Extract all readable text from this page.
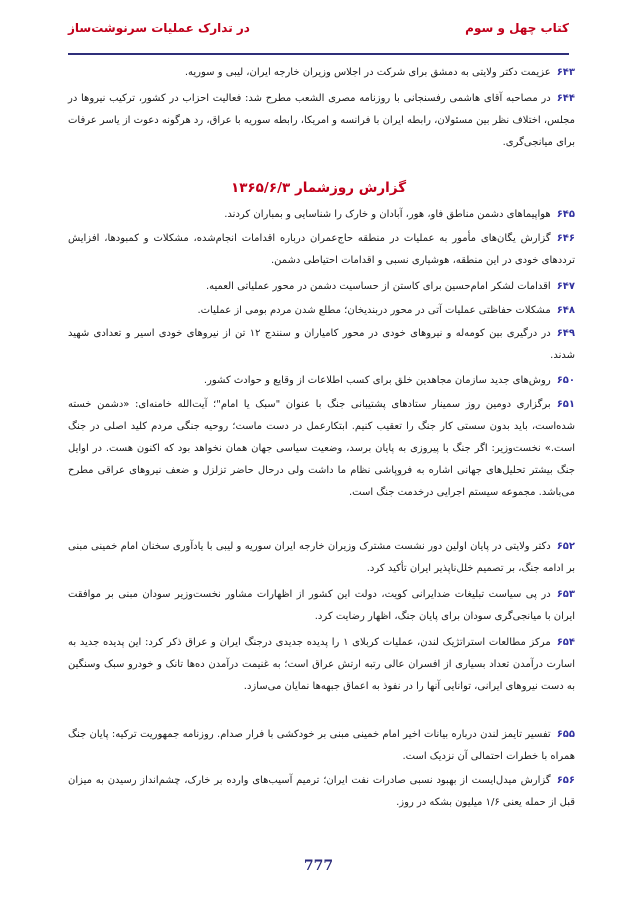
کتاب چهل و سوم
در تدارک عملیات سرنوشت‌ساز
۶۴۳عزیمت دکتر ولایتی به دمشق برای شرکت در اجلاس وزیران خارجه ایران، لیبی و سوریه.
۶۴۴در مصاحبه آقای هاشمی رفسنجانی با روزنامه مصری الشعب مطرح شد: فعالیت احزاب در کشور، ترکیب نیروها در مجلس، اختلاف نظر بین مسئولان، رابطه ایران با فرانسه و امریکا، رابطه سوریه با عراق، رد هرگونه دعوت از یاسر عرفات برای میانجی‌گری.
گزارش روزشمار ۱۳۶۵/۶/۳
۶۴۵هواپیماهای دشمن مناطق فاو، هور، آبادان و خارک را شناسایی و بمباران کردند.
۶۴۶گزارش یگان‌های مأمور به عملیات در منطقه حاج‌عمران درباره اقدامات انجام‌شده، مشکلات و کمبودها، افزایش ترددهای خودی در این منطقه، هوشیاری نسبی و اقدامات احتیاطی دشمن.
۶۴۷اقدامات لشکر امام‌حسین برای کاستن از حساسیت دشمن در محور عملیاتی العمیه.
۶۴۸مشکلات حفاظتی عملیات آتی در محور دربندیخان؛ مطلع شدن مردم بومی از عملیات.
۶۴۹در درگیری بین کومه‌له و نیروهای خودی در محور کامیاران و سنندج ۱۲ تن از نیروهای خودی اسیر و تعدادی شهید شدند.
۶۵۰روش‌های جدید سازمان مجاهدین خلق برای کسب اطلاعات از وقایع و حوادث کشور.
۶۵۱برگزاری دومین روز سمینار ستادهای پشتیبانی جنگ با عنوان "سبک یا امام"؛ آیت‌الله خامنه‌ای: «دشمن خسته شده‌است، باید بدون سستی کار جنگ را تعقیب کنیم. ابتکارعمل در دست ماست؛ روحیه جنگی مردم کلید اصلی در جنگ است.» نخست‌وزیر: اگر جنگ با پیروزی به پایان برسد، وضعیت سیاسی جهان همان نخواهد بود که اکنون هست. در اوایل جنگ بیشتر تحلیل‌های جهانی اشاره به فروپاشی نظام ما داشت ولی درحال حاضر تزلزل و ضعف نیروهای عراقی مطرح می‌باشد. مجموعه سیستم اجرایی درخدمت جنگ است.
۶۵۲دکتر ولایتی در پایان اولین دور نشست مشترک وزیران خارجه ایران سوریه و لیبی با یادآوری سخنان امام خمینی مبنی بر ادامه جنگ، بر تصمیم خلل‌ناپذیر ایران تأکید کرد.
۶۵۳در پی سیاست تبلیغات ضدایرانی کویت، دولت این کشور از اظهارات مشاور نخست‌وزیر سودان مبنی بر موافقت ایران با میانجی‌گری سودان برای پایان جنگ، اظهار رضایت کرد.
۶۵۴مرکز مطالعات استراتژیک لندن، عملیات کربلای ۱ را پدیده جدیدی درجنگ ایران و عراق ذکر کرد: این پدیده جدید به اسارت درآمدن تعداد بسیاری از افسران عالی رتبه ارتش عراق است؛ به غنیمت درآمدن ده‌ها تانک و خودرو سبک وسنگین به دست نیروهای ایرانی، توانایی آنها را در نفوذ به اعماق جبهه‌ها نمایان می‌سازد.
۶۵۵تفسیر تایمز لندن درباره بیانات اخیر امام خمینی مبنی بر خودکشی با فرار صدام. روزنامه جمهوریت ترکیه: پایان جنگ همراه با خطرات احتمالی آن نزدیک است.
۶۵۶گزارش میدل‌ایست از بهبود نسبی صادرات نفت ایران؛ ترمیم آسیب‌های وارده بر خارک، چشم‌انداز رسیدن به میزان قبل از حمله یعنی ۱/۶ میلیون بشکه در روز.
777
